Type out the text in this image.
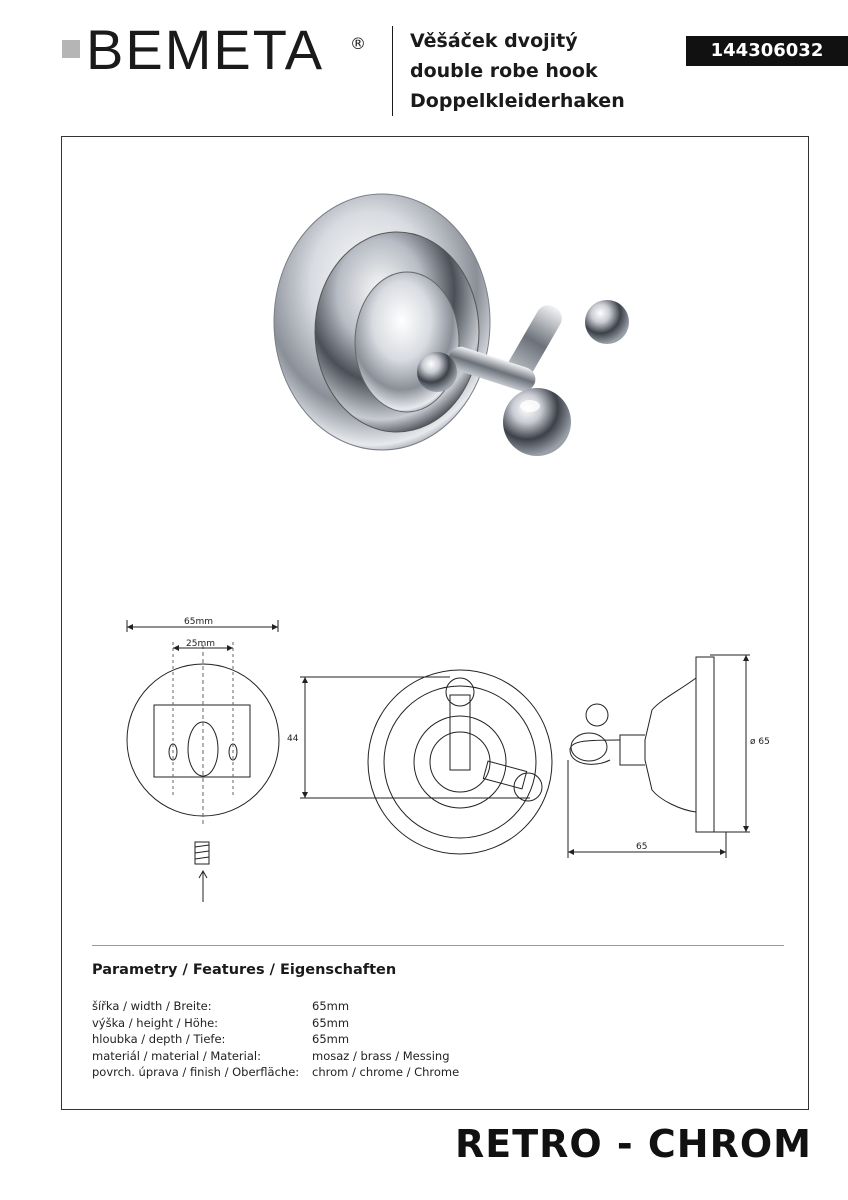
BEMETA ® Věšáček dvojitý
double robe hook
Doppelkleiderhaken
144306032
65mm
25mm
44	ø 65
65
Parametry / Features / Eigenschaften
šířka / width / Breite:	65mm
výška / height / Höhe:	65mm
hloubka / depth / Tiefe:	65mm
materiál / material / Material:	mosaz / brass / Messing
povrch. úprava / finish / Oberfläche:	chrom / chrome / Chrome
RETRO - CHROM
